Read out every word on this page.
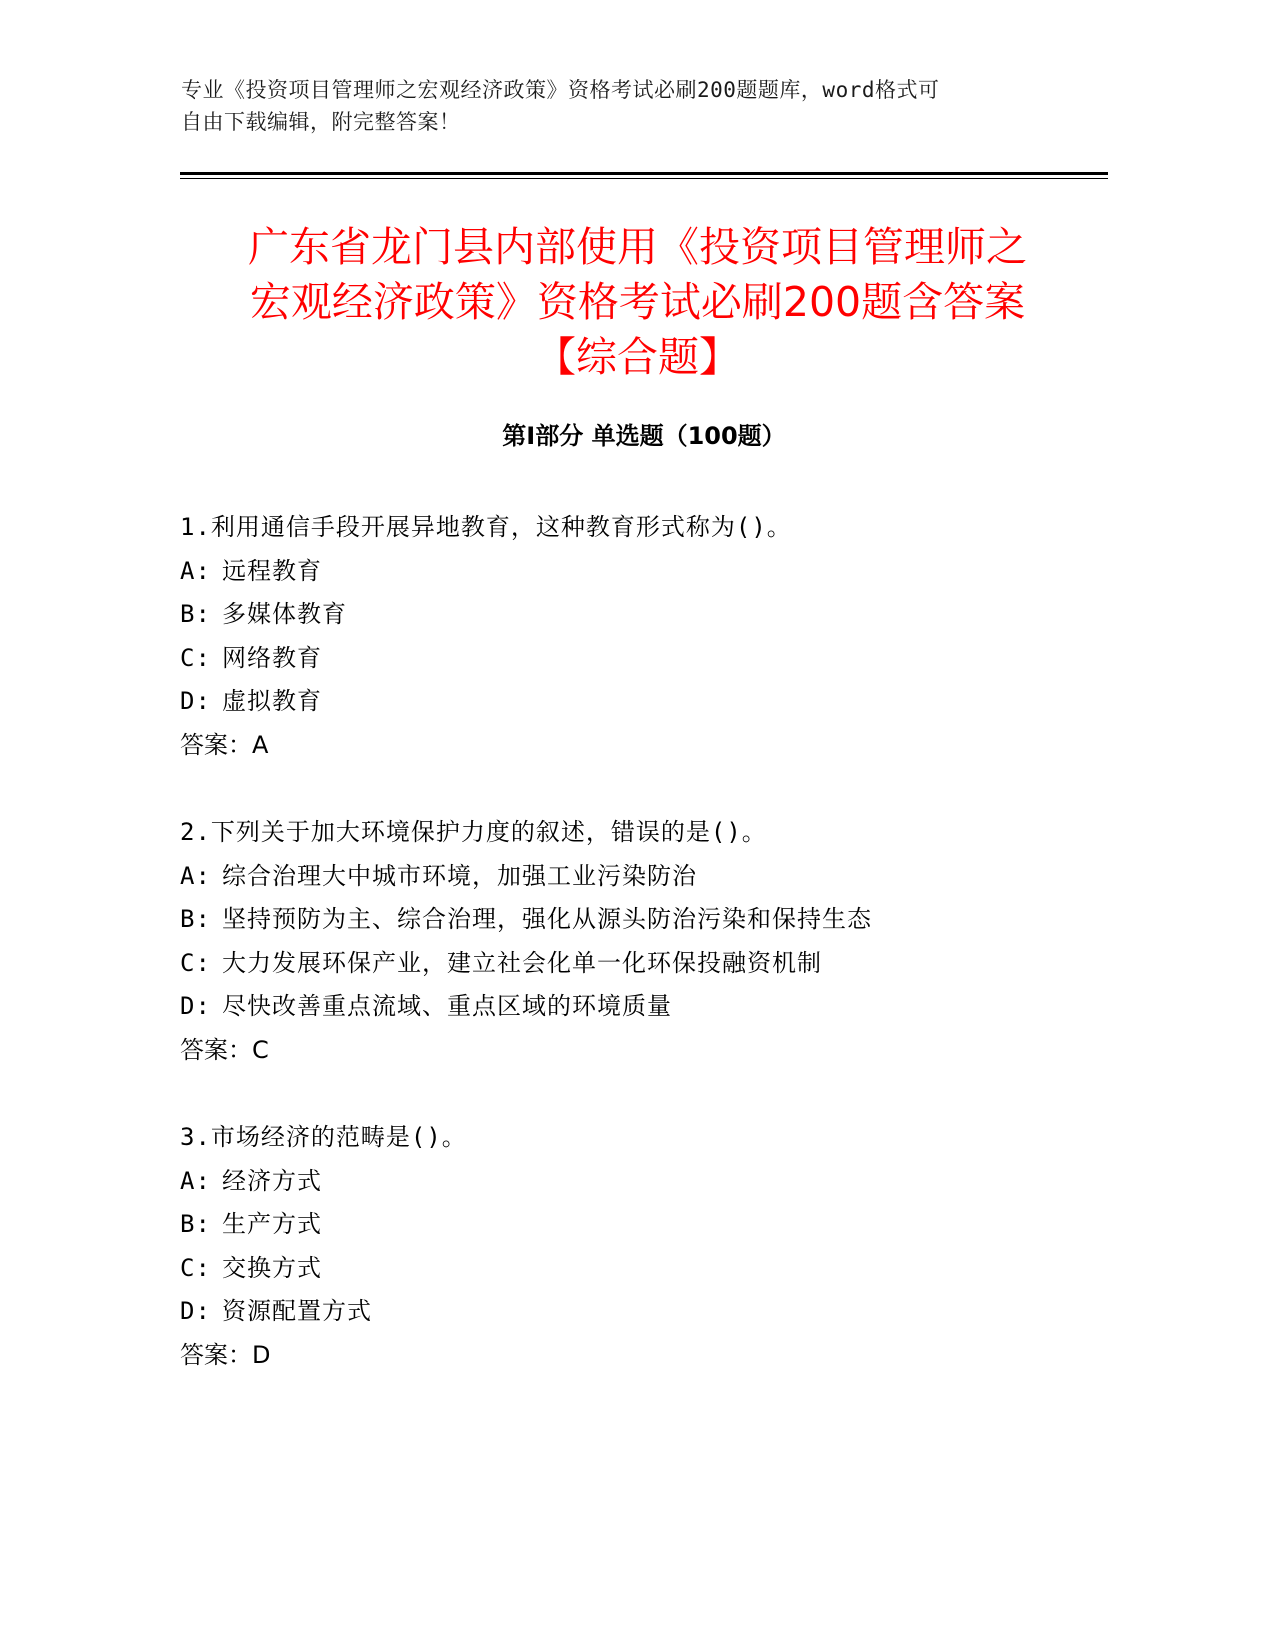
专业《投资项目管理师之宏观经济政策》资格考试必刷200题题库，word格式可
自由下载编辑，附完整答案！
广东省龙门县内部使用《投资项目管理师之
宏观经济政策》资格考试必刷200题含答案
【综合题】
第Ⅰ部分 单选题（100题）
1.利用通信手段开展异地教育，这种教育形式称为()。
A: 远程教育
B: 多媒体教育
C: 网络教育
D: 虚拟教育
答案：A
2.下列关于加大环境保护力度的叙述，错误的是()。
A: 综合治理大中城市环境，加强工业污染防治
B: 坚持预防为主、综合治理，强化从源头防治污染和保持生态
C: 大力发展环保产业，建立社会化单一化环保投融资机制
D: 尽快改善重点流域、重点区域的环境质量
答案：C
3.市场经济的范畴是()。
A: 经济方式
B: 生产方式
C: 交换方式
D: 资源配置方式
答案：D
